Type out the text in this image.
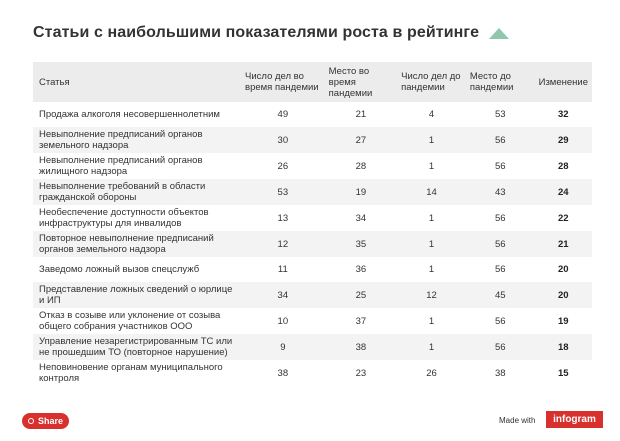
Статьи с наибольшими показателями роста в рейтинге
Статья	Число дел во время пандемии	Место во время пандемии	Число дел до пандемии	Место до пандемии	Изменение
Продажа алкоголя несовершеннолетним	49	21	4	53	32
Невыполнение предписаний органов земельного надзора	30	27	1	56	29
Невыполнение предписаний органов жилищного надзора	26	28	1	56	28
Невыполнение требований в области гражданской обороны	53	19	14	43	24
Необеспечение доступности объектов инфраструктуры для инвалидов	13	34	1	56	22
Повторное невыполнение предписаний органов земельного надзора	12	35	1	56	21
Заведомо ложный вызов спецслужб	11	36	1	56	20
Представление ложных сведений о юрлице и ИП	34	25	12	45	20
Отказ в созыве или уклонение от созыва общего собрания участников ООО	10	37	1	56	19
Управление незарегистрированным ТС или не прошедшим ТО (повторное нарушение)	9	38	1	56	18
Неповиновение органам муниципального контроля	38	23	26	38	15
Share	Made with infogram
